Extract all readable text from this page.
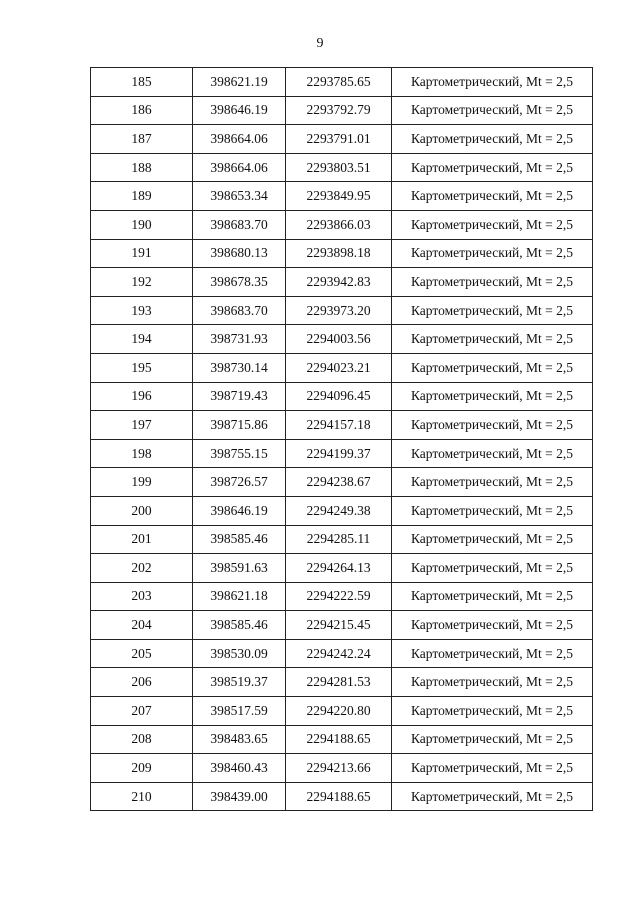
9
185	398621.19	2293785.65	Картометрический, Mt = 2,5
186	398646.19	2293792.79	Картометрический, Mt = 2,5
187	398664.06	2293791.01	Картометрический, Mt = 2,5
188	398664.06	2293803.51	Картометрический, Mt = 2,5
189	398653.34	2293849.95	Картометрический, Mt = 2,5
190	398683.70	2293866.03	Картометрический, Mt = 2,5
191	398680.13	2293898.18	Картометрический, Mt = 2,5
192	398678.35	2293942.83	Картометрический, Mt = 2,5
193	398683.70	2293973.20	Картометрический, Mt = 2,5
194	398731.93	2294003.56	Картометрический, Mt = 2,5
195	398730.14	2294023.21	Картометрический, Mt = 2,5
196	398719.43	2294096.45	Картометрический, Mt = 2,5
197	398715.86	2294157.18	Картометрический, Mt = 2,5
198	398755.15	2294199.37	Картометрический, Mt = 2,5
199	398726.57	2294238.67	Картометрический, Mt = 2,5
200	398646.19	2294249.38	Картометрический, Mt = 2,5
201	398585.46	2294285.11	Картометрический, Mt = 2,5
202	398591.63	2294264.13	Картометрический, Mt = 2,5
203	398621.18	2294222.59	Картометрический, Mt = 2,5
204	398585.46	2294215.45	Картометрический, Mt = 2,5
205	398530.09	2294242.24	Картометрический, Mt = 2,5
206	398519.37	2294281.53	Картометрический, Mt = 2,5
207	398517.59	2294220.80	Картометрический, Mt = 2,5
208	398483.65	2294188.65	Картометрический, Mt = 2,5
209	398460.43	2294213.66	Картометрический, Mt = 2,5
210	398439.00	2294188.65	Картометрический, Mt = 2,5
